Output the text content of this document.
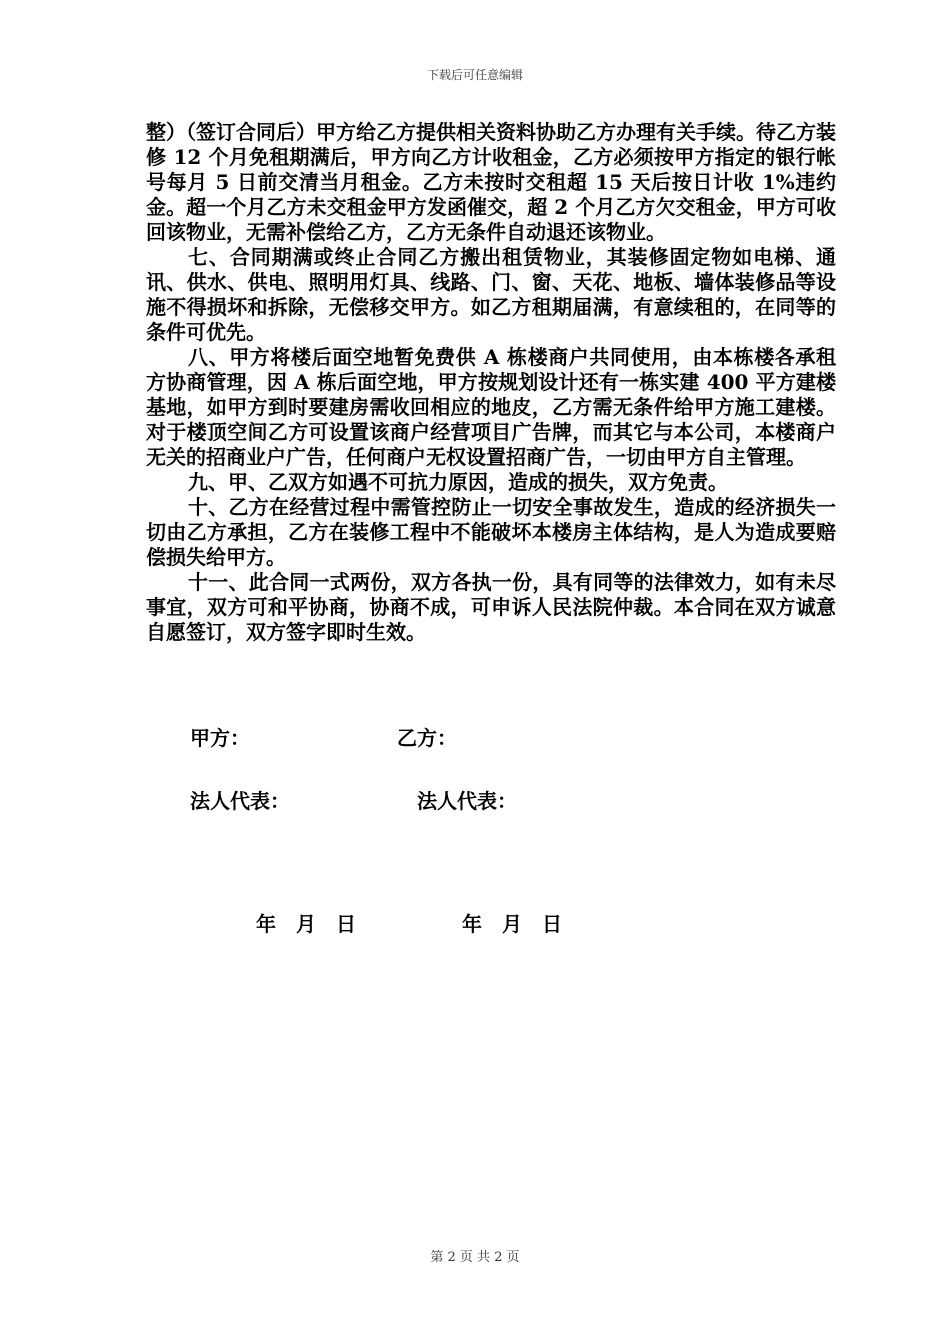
下载后可任意编辑

整）（签订合同后）甲方给乙方提供相关资料协助乙方办理有关手续。待乙方装修 12 个月免租期满后，甲方向乙方计收租金，乙方必须按甲方指定的银行帐号每月 5 日前交清当月租金。乙方未按时交租超 15 天后按日计收 1%违约金。超一个月乙方未交租金甲方发函催交，超 2 个月乙方欠交租金，甲方可收回该物业，无需补偿给乙方，乙方无条件自动退还该物业。

七、合同期满或终止合同乙方搬出租赁物业，其装修固定物如电梯、通讯、供水、供电、照明用灯具、线路、门、窗、天花、地板、墙体装修品等设施不得损坏和拆除，无偿移交甲方。如乙方租期届满，有意续租的，在同等的条件可优先。

八、甲方将楼后面空地暂免费供 A 栋楼商户共同使用，由本栋楼各承租方协商管理，因 A 栋后面空地，甲方按规划设计还有一栋实建 400 平方建楼基地，如甲方到时要建房需收回相应的地皮，乙方需无条件给甲方施工建楼。对于楼顶空间乙方可设置该商户经营项目广告牌，而其它与本公司，本楼商户无关的招商业户广告，任何商户无权设置招商广告，一切由甲方自主管理。

九、甲、乙双方如遇不可抗力原因，造成的损失，双方免责。

十、乙方在经营过程中需管控防止一切安全事故发生，造成的经济损失一切由乙方承担，乙方在装修工程中不能破坏本楼房主体结构，是人为造成要赔偿损失给甲方。

十一、此合同一式两份，双方各执一份，具有同等的法律效力，如有未尽事宜，双方可和平协商，协商不成，可申诉人民法院仲裁。本合同在双方诚意自愿签订，双方签字即时生效。

甲方：	乙方：
法人代表：	法人代表：
年　月　日	年　月　日
第 2 页 共 2 页
